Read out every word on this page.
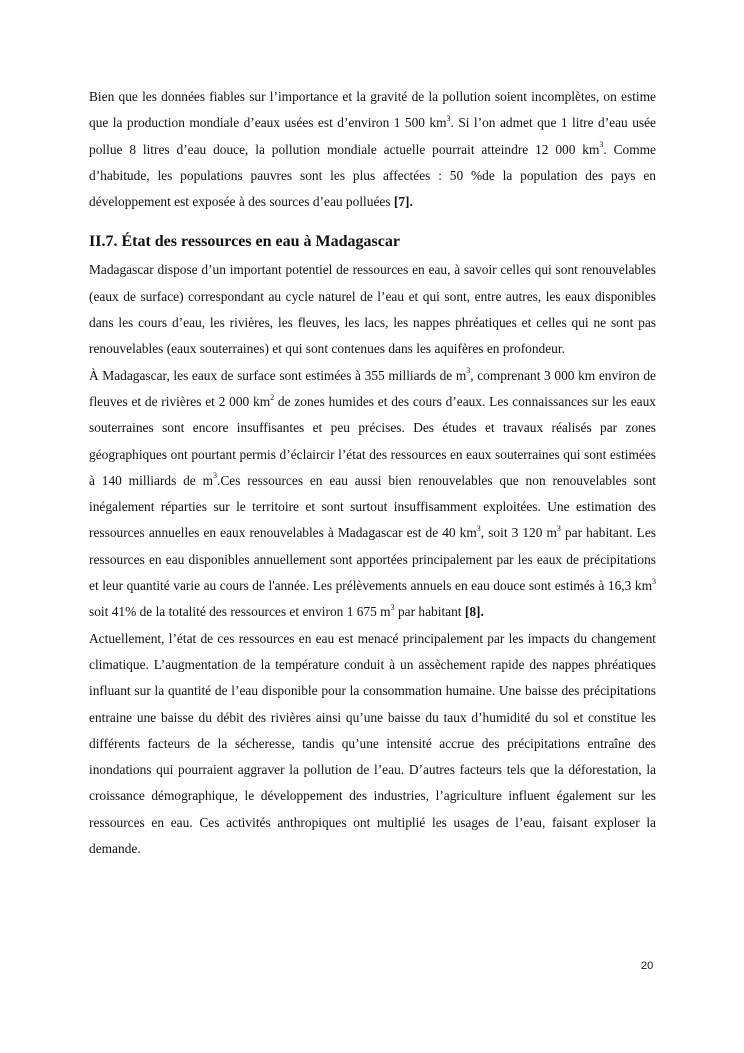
Bien que les données fiables sur l’importance et la gravité de la pollution soient incomplètes, on estime que la production mondiale d’eaux usées est d’environ 1 500 $km^3$. Si l’on admet que 1 litre d’eau usée pollue 8 litres d’eau douce, la pollution mondiale actuelle pourrait atteindre 12 000 $km^3$. Comme d’habitude, les populations pauvres sont les plus affectées : 50 %de la population des pays en développement est exposée à des sources d’eau polluées [7].

II.7. État des ressources en eau à Madagascar

Madagascar dispose d’un important potentiel de ressources en eau, à savoir celles qui sont renouvelables (eaux de surface) correspondant au cycle naturel de l’eau et qui sont, entre autres, les eaux disponibles dans les cours d’eau, les rivières, les fleuves, les lacs, les nappes phréatiques et celles qui ne sont pas renouvelables (eaux souterraines) et qui sont contenues dans les aquifères en profondeur.

À Madagascar, les eaux de surface sont estimées à 355 milliards de $m^3$, comprenant 3 000 km environ de fleuves et de rivières et 2 000 $km^2$ de zones humides et des cours d’eaux. Les connaissances sur les eaux souterraines sont encore insuffisantes et peu précises. Des études et travaux réalisés par zones géographiques ont pourtant permis d’éclaircir l’état des ressources en eaux souterraines qui sont estimées à 140 milliards de $m^3.Ces$ ressources en eau aussi bien renouvelables que non renouvelables sont inégalement réparties sur le territoire et sont surtout insuffisamment exploitées. Une estimation des ressources annuelles en eaux renouvelables à Madagascar est de 40 $km^3$, soit 3 120 $m^3$ par habitant. Les ressources en eau disponibles annuellement sont apportées principalement par les eaux de précipitations et leur quantité varie au cours de l'année. Les prélèvements annuels en eau douce sont estimés à 16,3 $km^3$ soit 41% de la totalité des ressources et environ 1 675 $m^3$ par habitant [8].

Actuellement, l’état de ces ressources en eau est menacé principalement par les impacts du changement climatique. L’augmentation de la température conduit à un assèchement rapide des nappes phréatiques influant sur la quantité de l’eau disponible pour la consommation humaine. Une baisse des précipitations entraine une baisse du débit des rivières ainsi qu’une baisse du taux d’humidité du sol et constitue les différents facteurs de la sécheresse, tandis qu’une intensité accrue des précipitations entraîne des inondations qui pourraient aggraver la pollution de l’eau. D’autres facteurs tels que la déforestation, la croissance démographique, le développement des industries, l’agriculture influent également sur les ressources en eau. Ces activités anthropiques ont multiplié les usages de l’eau, faisant exploser la demande.

20
